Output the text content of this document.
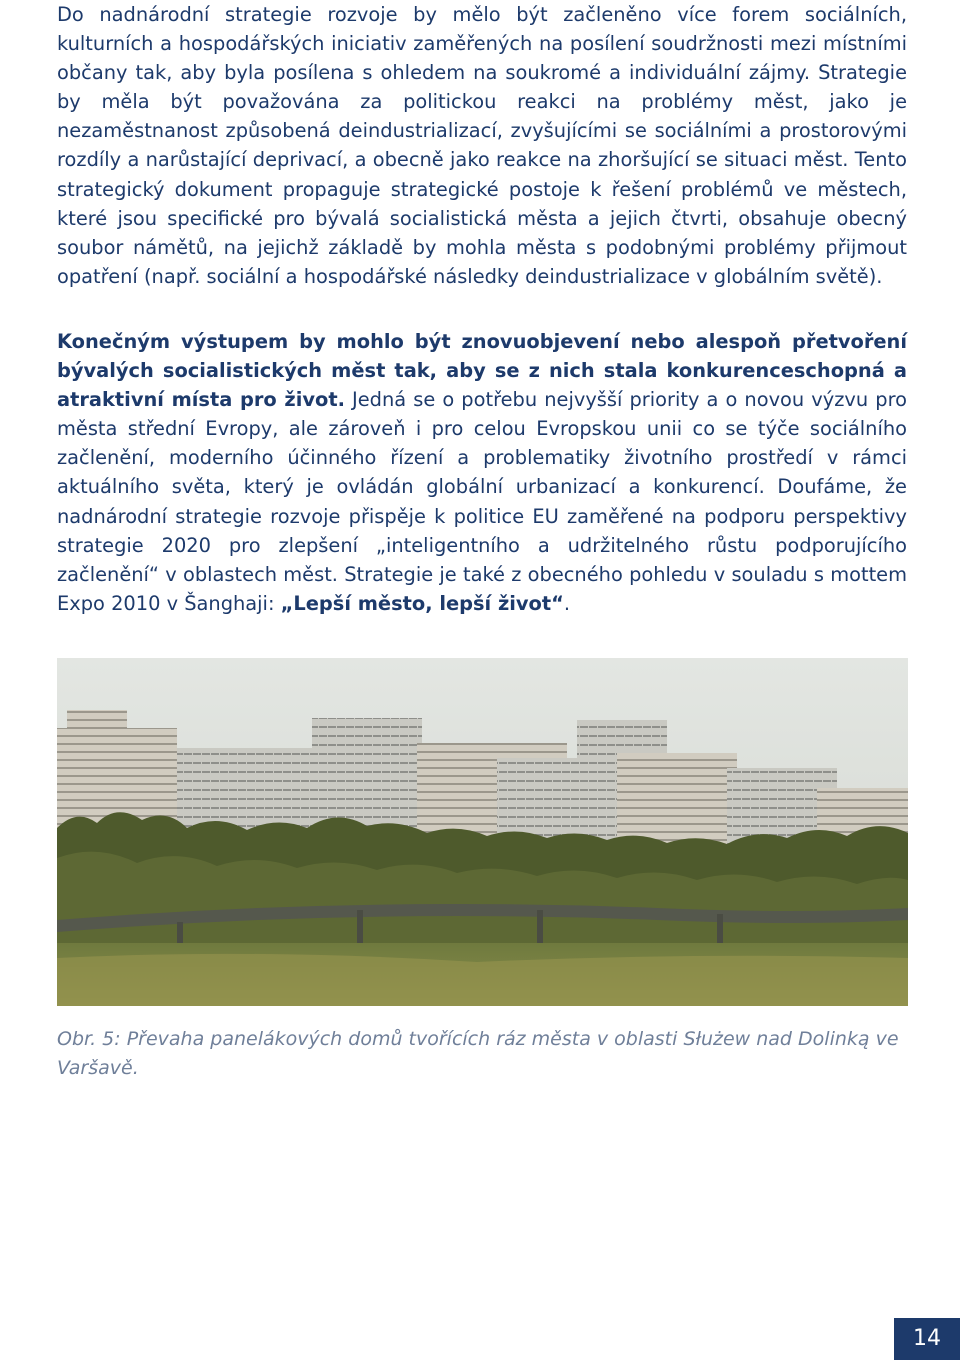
Do nadnárodní strategie rozvoje by mělo být začleněno více forem sociálních, kulturních a hospodářských iniciativ zaměřených na posílení soudržnosti mezi místními občany tak, aby byla posílena s ohledem na soukromé a individuální zájmy. Strategie by měla být považována za politickou reakci na problémy měst, jako je nezaměstnanost způsobená deindustrializací, zvyšujícími se sociálními a prostorovými rozdíly a narůstající deprivací, a obecně jako reakce na zhoršující se situaci měst. Tento strategický dokument propaguje strategické postoje k řešení problémů ve městech, které jsou specifické pro bývalá socialistická města a jejich čtvrti, obsahuje obecný soubor námětů, na jejichž základě by mohla města s podobnými problémy přijmout opatření (např. sociální a hospodářské následky deindustrializace v globálním světě).

Konečným výstupem by mohlo být znovuobjevení nebo alespoň přetvoření bývalých socialistických měst tak, aby se z nich stala konkurenceschopná a atraktivní místa pro život. Jedná se o potřebu nejvyšší priority a o novou výzvu pro města střední Evropy, ale zároveň i pro celou Evropskou unii co se týče sociálního začlenění, moderního účinného řízení a problematiky životního prostředí v rámci aktuálního světa, který je ovládán globální urbanizací a konkurencí. Doufáme, že nadnárodní strategie rozvoje přispěje k politice EU zaměřené na podporu perspektivy strategie 2020 pro zlepšení „inteligentního a udržitelného růstu podporujícího začlenění“ v oblastech měst. Strategie je také z obecného pohledu v souladu s mottem Expo 2010 v Šanghaji: „Lepší město, lepší život“.

Obr. 5: Převaha panelákových domů tvořících ráz města v oblasti Służew nad Dolinką ve Varšavě.

14
